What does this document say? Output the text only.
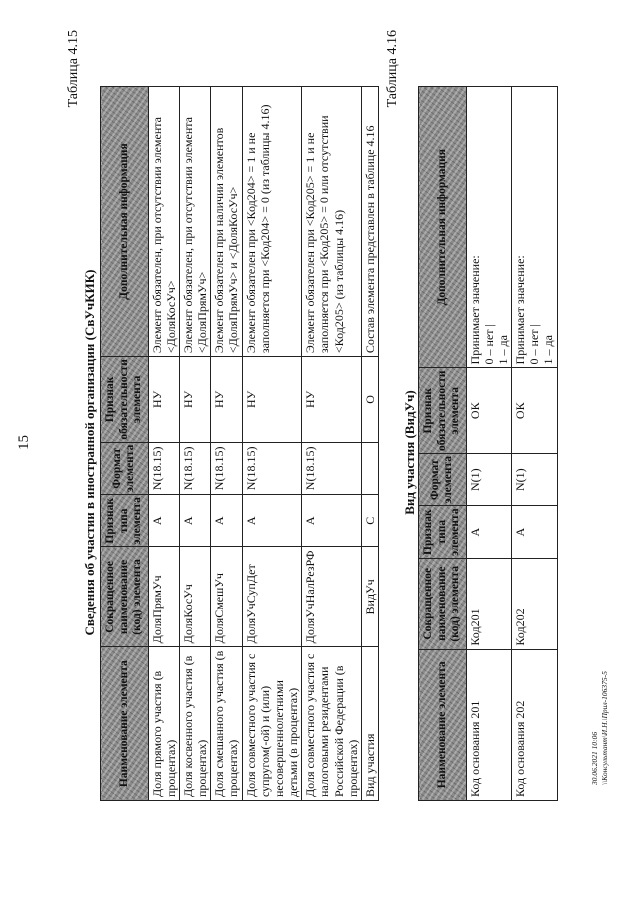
15
Таблица 4.15
Сведения об участии в иностранной организации (СвУчКИК)
Наименование элемента	Сокращенное наименование (код) элемента	Признак типа элемента	Формат элемента	Признак обязательности элемента	Дополнительная информация
Доля прямого участия (в процентах)	ДоляПрямУч	А	N(18.15)	НУ	Элемент обязателен, при отсутствии элемента <ДоляКосУч>
Доля косвенного участия (в процентах)	ДоляКосУч	А	N(18.15)	НУ	Элемент обязателен, при отсутствии элемента <ДоляПрямУч>
Доля смешанного участия (в процентах)	ДоляСмешУч	А	N(18.15)	НУ	Элемент обязателен при наличии элементов <ДоляПрямУч> и <ДоляКосУч>
Доля совместного участия с супругом(-ой) и (или) несовершеннолетними детьми (в процентах)	ДоляУчСупДет	А	N(18.15)	НУ	Элемент обязателен при <Код204> = 1 и не заполняется при <Код204> = 0 (из таблицы 4.16)
Доля совместного участия с налоговыми резидентами Российской Федерации (в процентах)	ДоляУчНалРезРФ	А	N(18.15)	НУ	Элемент обязателен при <Код205> = 1 и не заполняется при <Код205> = 0 или отсутствии <Код205> (из таблицы 4.16)
Вид участия	ВидУч	С		О	Состав элемента представлен в таблице 4.16
Таблица 4.16
Вид участия (ВидУч)
Наименование элемента	Сокращенное наименование (код) элемента	Признак типа элемента	Формат элемента	Признак обязательности элемента	Дополнительная информация
Код основания 201	Код201	А	N(1)	ОК	Принимает значение: 0 – нет | 1 – да

Код основания 202	Код202	А	N(1)	ОК	Принимает значение: 0 – нет | 1 – да
30.06.2021 10:06 \\Консультант\И.Н.\Прил-106375-5
